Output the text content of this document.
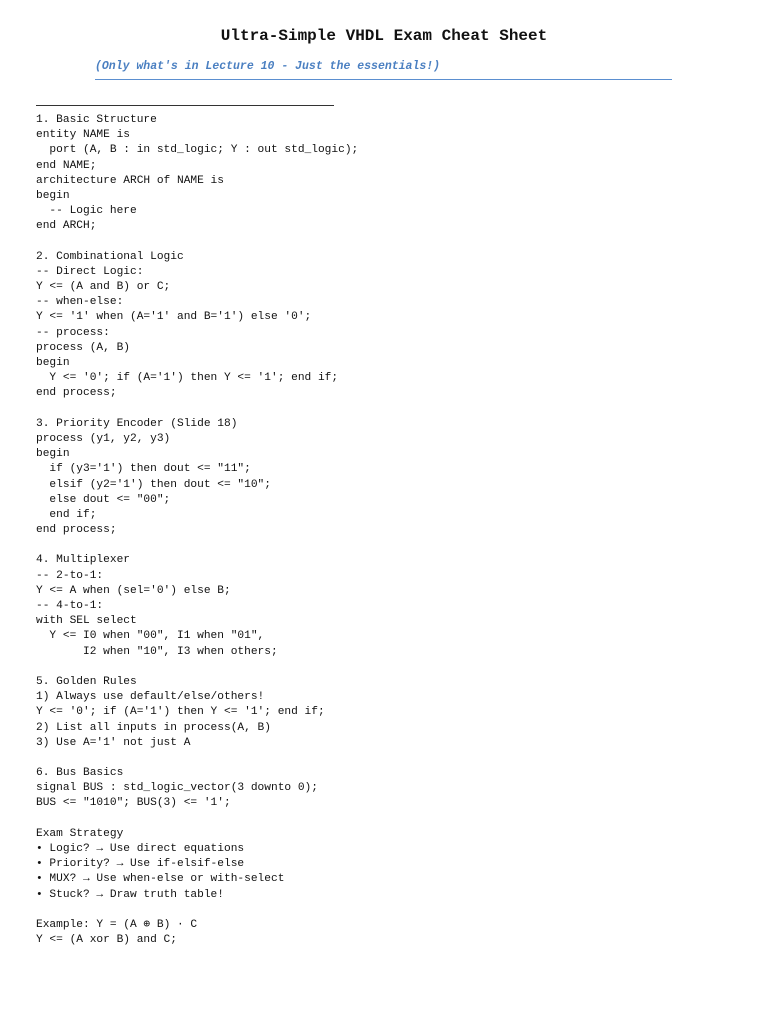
Ultra-Simple VHDL Exam Cheat Sheet
(Only what's in Lecture 10 - Just the essentials!)
1. Basic Structure
entity NAME is
port (A, B : in std_logic; Y : out std_logic);
end NAME;
architecture ARCH of NAME is
begin
-- Logic here
end ARCH;
2. Combinational Logic
-- Direct Logic:
Y <= (A and B) or C;
-- when-else:
Y <= '1' when (A='1' and B='1') else '0';
-- process:
process (A, B)
begin
Y <= '0'; if (A='1') then Y <= '1'; end if;
end process;
3. Priority Encoder (Slide 18)
process (y1, y2, y3)
begin
if (y3='1') then dout <= "11";
elsif (y2='1') then dout <= "10";
else dout <= "00";
end if;
end process;
4. Multiplexer
-- 2-to-1:
Y <= A when (sel='0') else B;
-- 4-to-1:
with SEL select
Y <= I0 when "00", I1 when "01",
I2 when "10", I3 when others;
5. Golden Rules
1) Always use default/else/others!
Y <= '0'; if (A='1') then Y <= '1'; end if;
2) List all inputs in process(A, B)
3) Use A='1' not just A
6. Bus Basics
signal BUS : std_logic_vector(3 downto 0);
BUS <= "1010"; BUS(3) <= '1';
Exam Strategy
• Logic? → Use direct equations
• Priority? → Use if-elsif-else
• MUX? → Use when-else or with-select
• Stuck? → Draw truth table!
Example: Y = (A ⊕ B) · C
Y <= (A xor B) and C;
